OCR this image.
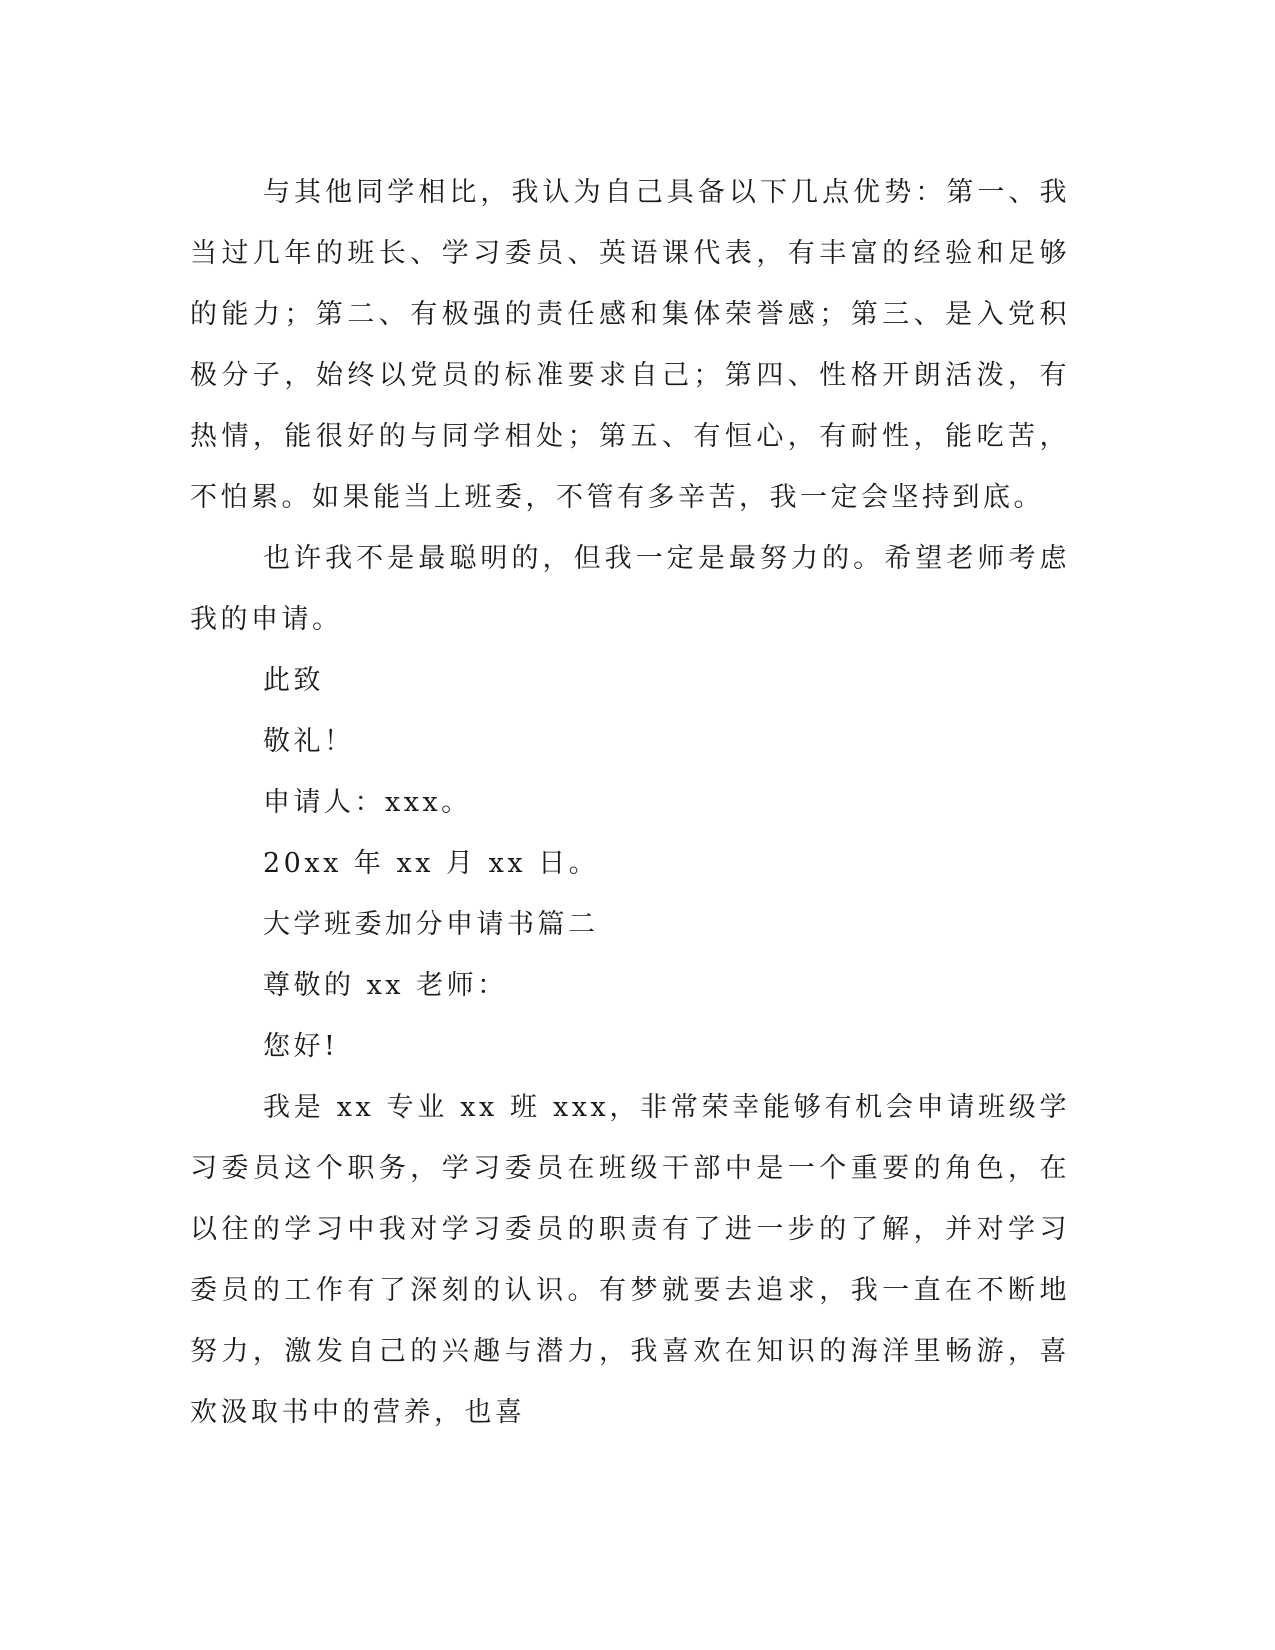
与其他同学相比，我认为自己具备以下几点优势：第一、我当过几年的班长、学习委员、英语课代表，有丰富的经验和足够的能力；第二、有极强的责任感和集体荣誉感；第三、是入党积极分子，始终以党员的标准要求自己；第四、性格开朗活泼，有热情，能很好的与同学相处；第五、有恒心，有耐性，能吃苦，不怕累。如果能当上班委，不管有多辛苦，我一定会坚持到底。

也许我不是最聪明的，但我一定是最努力的。希望老师考虑我的申请。

此致

敬礼！

申请人：xxx。

20xx 年 xx 月 xx 日。

大学班委加分申请书篇二

尊敬的 xx 老师：

您好!

我是 xx 专业 xx 班 xxx，非常荣幸能够有机会申请班级学习委员这个职务，学习委员在班级干部中是一个重要的角色，在以往的学习中我对学习委员的职责有了进一步的了解，并对学习委员的工作有了深刻的认识。有梦就要去追求，我一直在不断地努力，激发自己的兴趣与潜力，我喜欢在知识的海洋里畅游，喜欢汲取书中的营养，也喜
